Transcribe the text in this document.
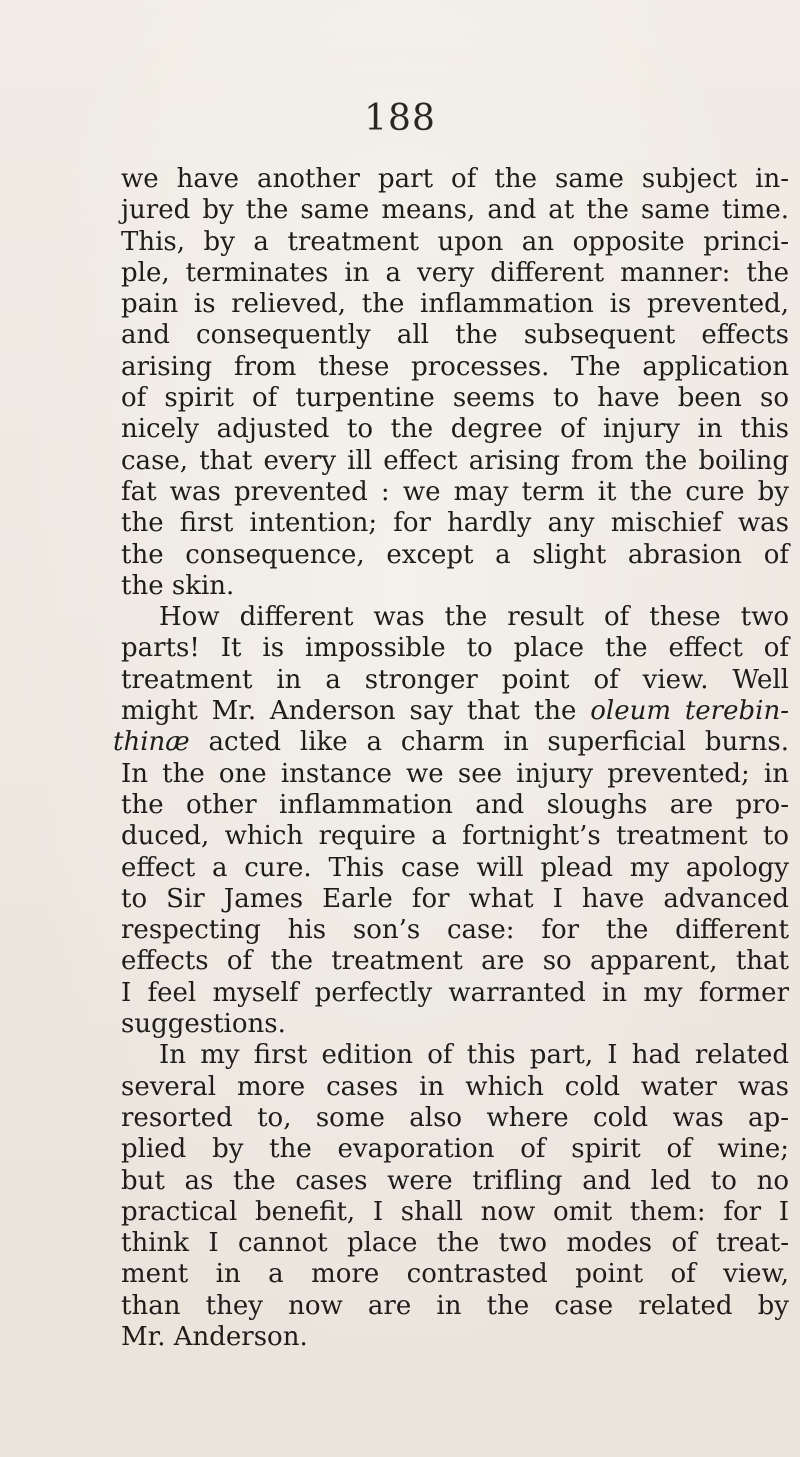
188
we have another part of the same subject in-
jured by the same means, and at the same time.
This, by a treatment upon an opposite princi-
ple, terminates in a very different manner: the
pain is relieved, the inflammation is prevented,
and consequently all the subsequent effects
arising from these processes. The application
of spirit of turpentine seems to have been so
nicely adjusted to the degree of injury in this
case, that every ill effect arising from the boiling
fat was prevented : we may term it the cure by
the first intention; for hardly any mischief was
the consequence, except a slight abrasion of
the skin.
How different was the result of these two
parts! It is impossible to place the effect of
treatment in a stronger point of view. Well
might Mr. Anderson say that the oleum terebin-
thinæ acted like a charm in superficial burns.
In the one instance we see injury prevented; in
the other inflammation and sloughs are pro-
duced, which require a fortnight’s treatment to
effect a cure. This case will plead my apology
to Sir James Earle for what I have advanced
respecting his son’s case: for the different
effects of the treatment are so apparent, that
I feel myself perfectly warranted in my former
suggestions.
In my first edition of this part, I had related
several more cases in which cold water was
resorted to, some also where cold was ap-
plied by the evaporation of spirit of wine;
but as the cases were trifling and led to no
practical benefit, I shall now omit them: for I
think I cannot place the two modes of treat-
ment in a more contrasted point of view,
than they now are in the case related by
Mr. Anderson.
